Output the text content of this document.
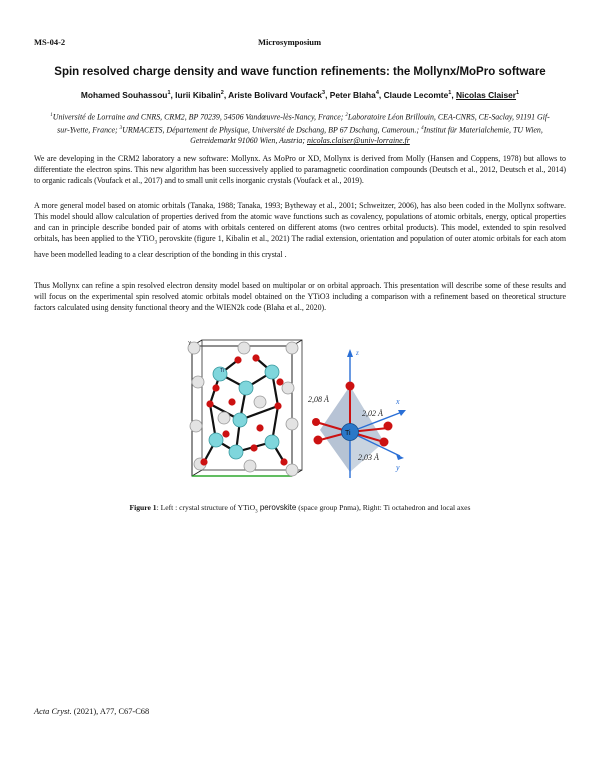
MS-04-2	Microsymposium
Spin resolved charge density and wave function refinements: the Mollynx/MoPro software
Mohamed Souhassou$^1$, Iurii Kibalin$^2$, Ariste Bolivard Voufack$^3$, Peter Blaha$^4$, Claude Lecomte$^1$, Nicolas Claiser$^1$
$^1$Université de Lorraine and CNRS, CRM2, BP 70239, 54506 Vandœuvre-lès-Nancy, France; $^2$Laboratoire Léon Brillouin, CEA-CNRS, CE-Saclay, 91191 Gif-sur-Yvette, France; $^3$URMACETS, Département de Physique, Université de Dschang, BP 67 Dschang, Cameroun.; $^4$Institut für Materialchemie, TU Wien, Getreidemarkt 91060 Wien, Austria; nicolas.claiser@univ-lorraine.fr
We are developing in the CRM2 laboratory a new software: Mollynx. As MoPro or XD, Mollynx is derived from Molly (Hansen and Coppens, 1978) but allows to differentiate the electron spins. This new algorithm has been successively applied to paramagnetic coordination compounds (Deutsch et al., 2012, Deutsch et al., 2014) to organic radicals (Voufack et al., 2017) and to small unit cells inorganic crystals (Voufack et al., 2019).
A more general model based on atomic orbitals (Tanaka, 1988; Tanaka, 1993; Bytheway et al., 2001; Schweitzer, 2006), has also been coded in the Mollynx software. This model should allow calculation of properties derived from the atomic wave functions such as covalency, populations of atomic orbitals, energy, optical properties and can in principle describe bonded pair of atoms with orbitals centered on different atoms (two centres orbital products). This model, extended to spin resolved orbitals, has been applied to the YTiO$_3$ perovskite (figure 1, Kibalin et al., 2021) The radial extension, orientation and population of outer atomic orbitals for each atom have been modelled leading to a clear description of the bonding in this crystal .
Thus Mollynx can refine a spin resolved electron density model based on multipolar or on orbital approach. This presentation will describe some of these results and will focus on the experimental spin resolved atomic orbitals model obtained on the YTiO3 including a comparison with a refinement based on theoretical structure factors calculated using density functional theory and the WIEN2k code (Blaha et al., 2020).
Y
Ti
z
x
y
Ti
2,08 Å
2,02 Å
2,03 Å
Figure 1: Left : crystal structure of YTiO$_3$ perovskite (space group Pnma), Right: Ti octahedron and local axes
Acta Cryst. (2021), A77, C67-C68
